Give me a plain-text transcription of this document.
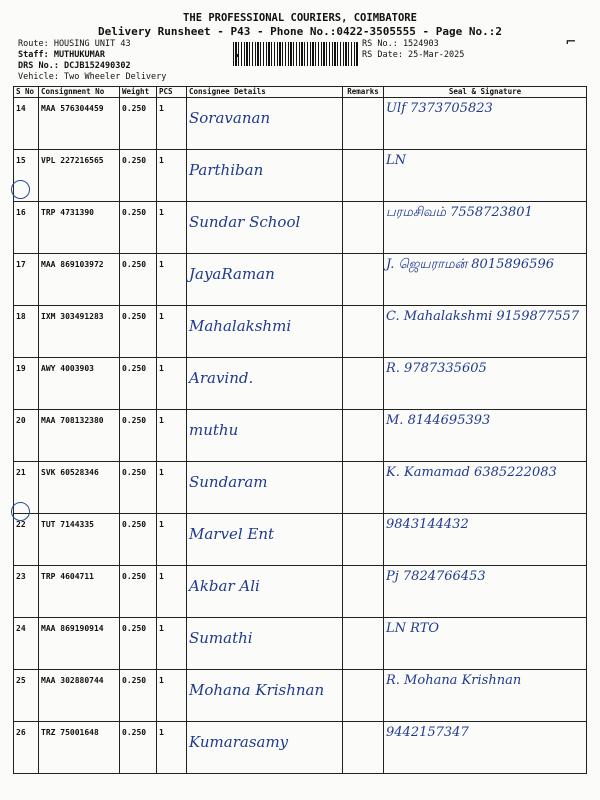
THE PROFESSIONAL COURIERS, COIMBATORE
Delivery Runsheet - P43 - Phone No.:0422-3505555 - Page No.:2
Route: HOUSING UNIT 43
Staff: MUTHUKUMAR
DRS No.: DCJB152490302
Vehicle: Two Wheeler Delivery
RS No.: 1524903
RS Date: 25-Mar-2025
S No	Consignment No	Weight	PCS	Consignee Details	Remarks	Seal & Signature
14	MAA 576304459	0.250	1	Soravanan		Ulf 7373705823
15	VPL 227216565	0.250	1	Parthiban		LN
16	TRP 4731390	0.250	1	Sundar School		பரமசிவம் 7558723801
17	MAA 869103972	0.250	1	JayaRaman		J. ஜெயராமன் 8015896596
18	IXM 303491283	0.250	1	Mahalakshmi		C. Mahalakshmi 9159877557
19	AWY 4003903	0.250	1	Aravind.		R. 9787335605
20	MAA 708132380	0.250	1	muthu		M. 8144695393
21	SVK 60528346	0.250	1	Sundaram		K. Kamamad 6385222083
22	TUT 7144335	0.250	1	Marvel Ent		9843144432
23	TRP 4604711	0.250	1	Akbar Ali		Pj 7824766453
24	MAA 869190914	0.250	1	Sumathi		LN RTO
25	MAA 302880744	0.250	1	Mohana Krishnan		R. Mohana Krishnan
26	TRZ 75001648	0.250	1	Kumarasamy		9442157347
⌐
